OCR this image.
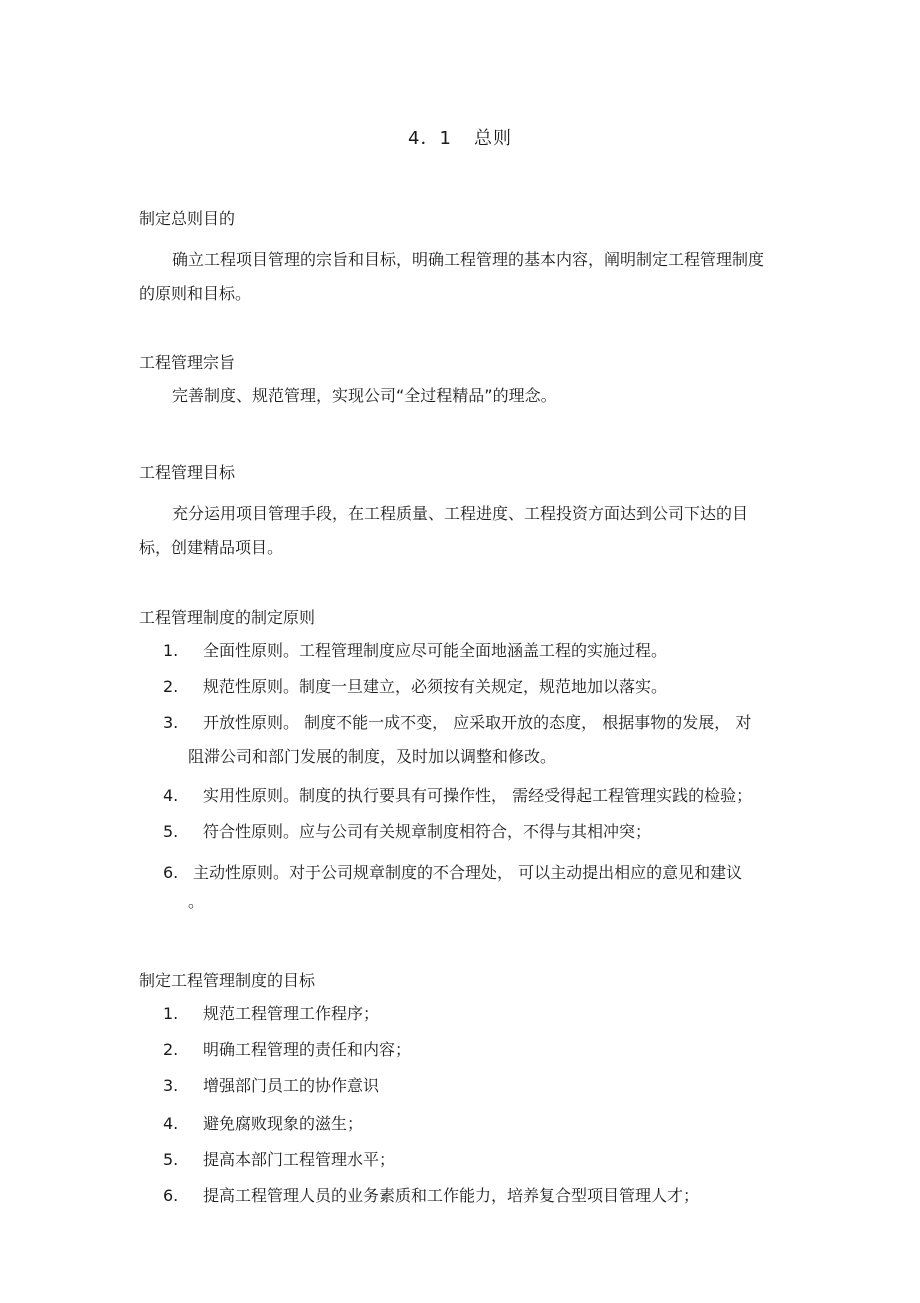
4．1 总则
制定总则目的
确立工程项目管理的宗旨和目标，明确工程管理的基本内容，阐明制定工程管理制度的原则和目标。
工程管理宗旨
完善制度、规范管理，实现公司“全过程精品”的理念。
工程管理目标
充分运用项目管理手段，在工程质量、工程进度、工程投资方面达到公司下达的目标，创建精品项目。
工程管理制度的制定原则
1. 全面性原则。工程管理制度应尽可能全面地涵盖工程的实施过程。
2. 规范性原则。制度一旦建立，必须按有关规定，规范地加以落实。
3. 开放性原则。 制度不能一成不变， 应采取开放的态度， 根据事物的发展， 对
阻滞公司和部门发展的制度，及时加以调整和修改。
4. 实用性原则。制度的执行要具有可操作性， 需经受得起工程管理实践的检验；
5. 符合性原则。应与公司有关规章制度相符合，不得与其相冲突；
6. 主动性原则。对于公司规章制度的不合理处， 可以主动提出相应的意见和建议
。
制定工程管理制度的目标
1. 规范工程管理工作程序；
2. 明确工程管理的责任和内容；
3. 增强部门员工的协作意识
4. 避免腐败现象的滋生；
5. 提高本部门工程管理水平；
6. 提高工程管理人员的业务素质和工作能力，培养复合型项目管理人才；
